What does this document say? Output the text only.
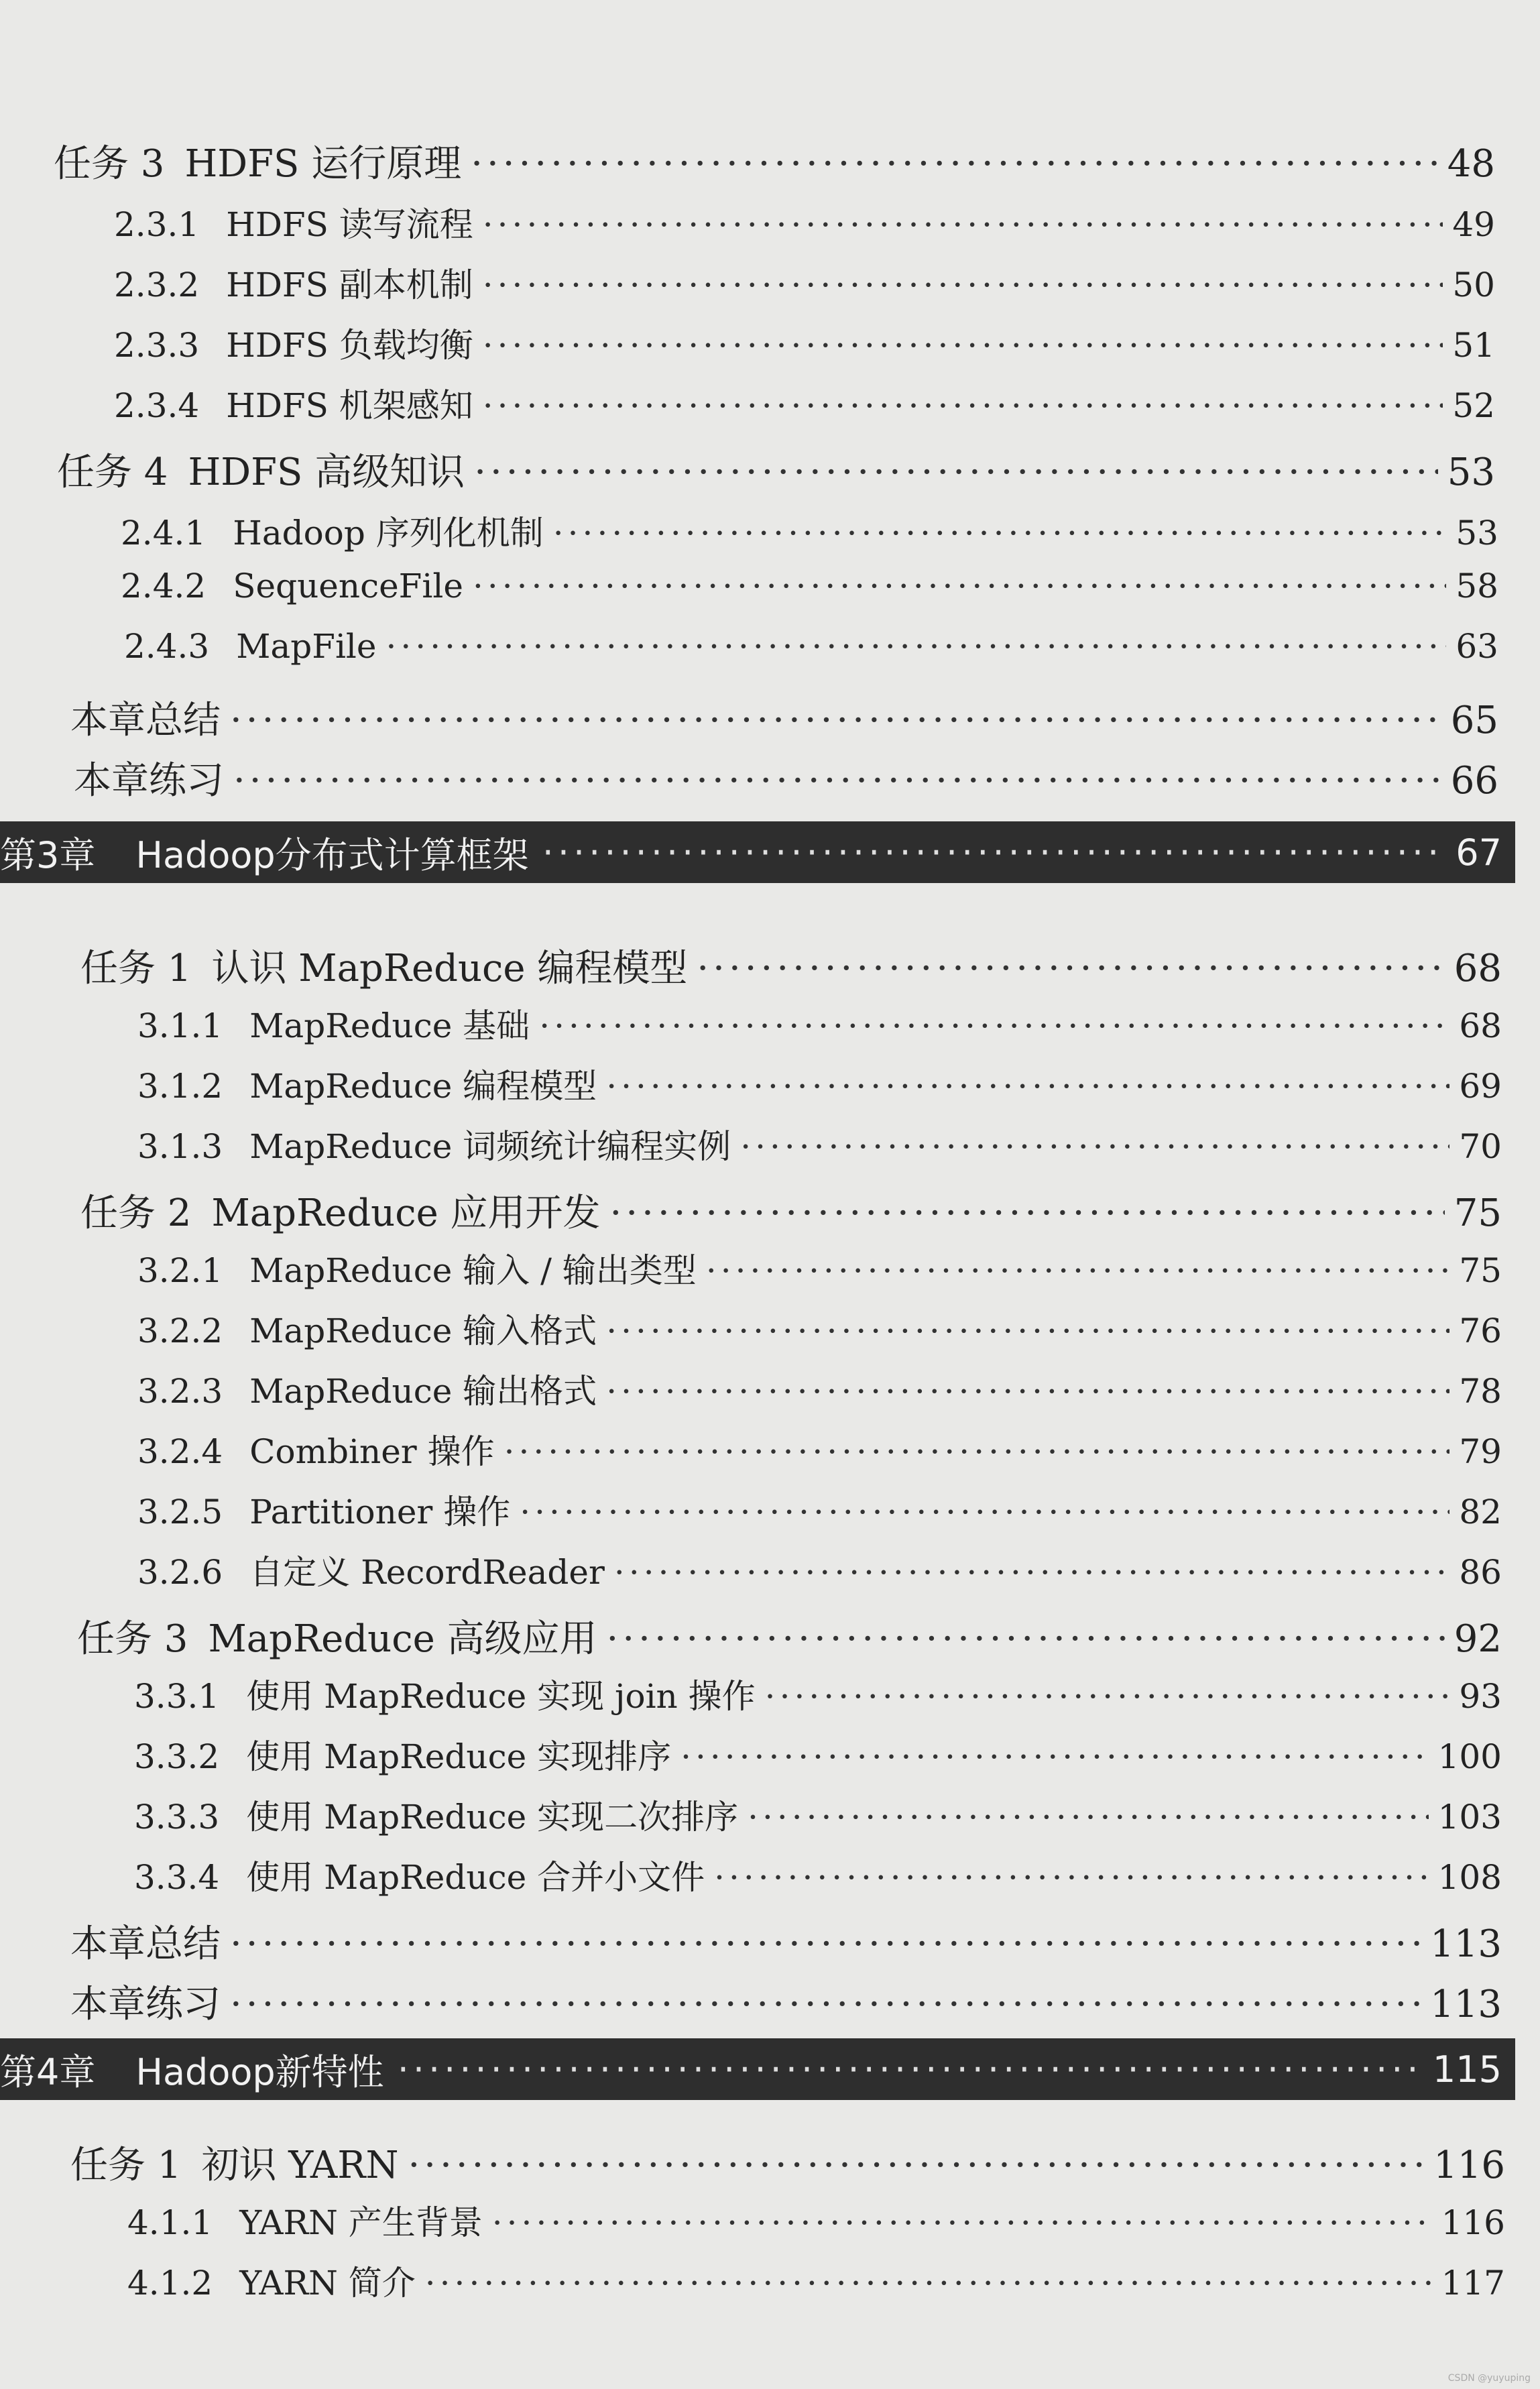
任务 3 HDFS 运行原理 ·····	48
2.3.1 HDFS 读写流程 ·····	49
2.3.2 HDFS 副本机制 ·····	50
2.3.3 HDFS 负载均衡 ·····	51
2.3.4 HDFS 机架感知 ·····	52
任务 4 HDFS 高级知识 ·····	53
2.4.1 Hadoop 序列化机制 ·····	53
2.4.2 SequenceFile ·····	58
2.4.3 MapFile ·····	63
本章总结 ·····	65
本章练习 ·····	66
第3章 Hadoop分布式计算框架 ·····	67
任务 1 认识 MapReduce 编程模型 ·····	68
3.1.1 MapReduce 基础 ·····	68
3.1.2 MapReduce 编程模型 ·····	69
3.1.3 MapReduce 词频统计编程实例 ·····	70
任务 2 MapReduce 应用开发 ·····	75
3.2.1 MapReduce 输入 / 输出类型 ·····	75
3.2.2 MapReduce 输入格式 ·····	76
3.2.3 MapReduce 输出格式 ·····	78
3.2.4 Combiner 操作 ·····	79
3.2.5 Partitioner 操作 ·····	82
3.2.6 自定义 RecordReader ·····	86
任务 3 MapReduce 高级应用 ·····	92
3.3.1 使用 MapReduce 实现 join 操作 ·····	93
3.3.2 使用 MapReduce 实现排序 ·····	100
3.3.3 使用 MapReduce 实现二次排序 ·····	103
3.3.4 使用 MapReduce 合并小文件 ·····	108
本章总结 ·····	113
本章练习 ·····	113
第4章 Hadoop新特性 ·····	115
任务 1 初识 YARN ·····	116
4.1.1 YARN 产生背景 ·····	116
4.1.2 YARN 简介 ·····	117
CSDN @yuyuping
